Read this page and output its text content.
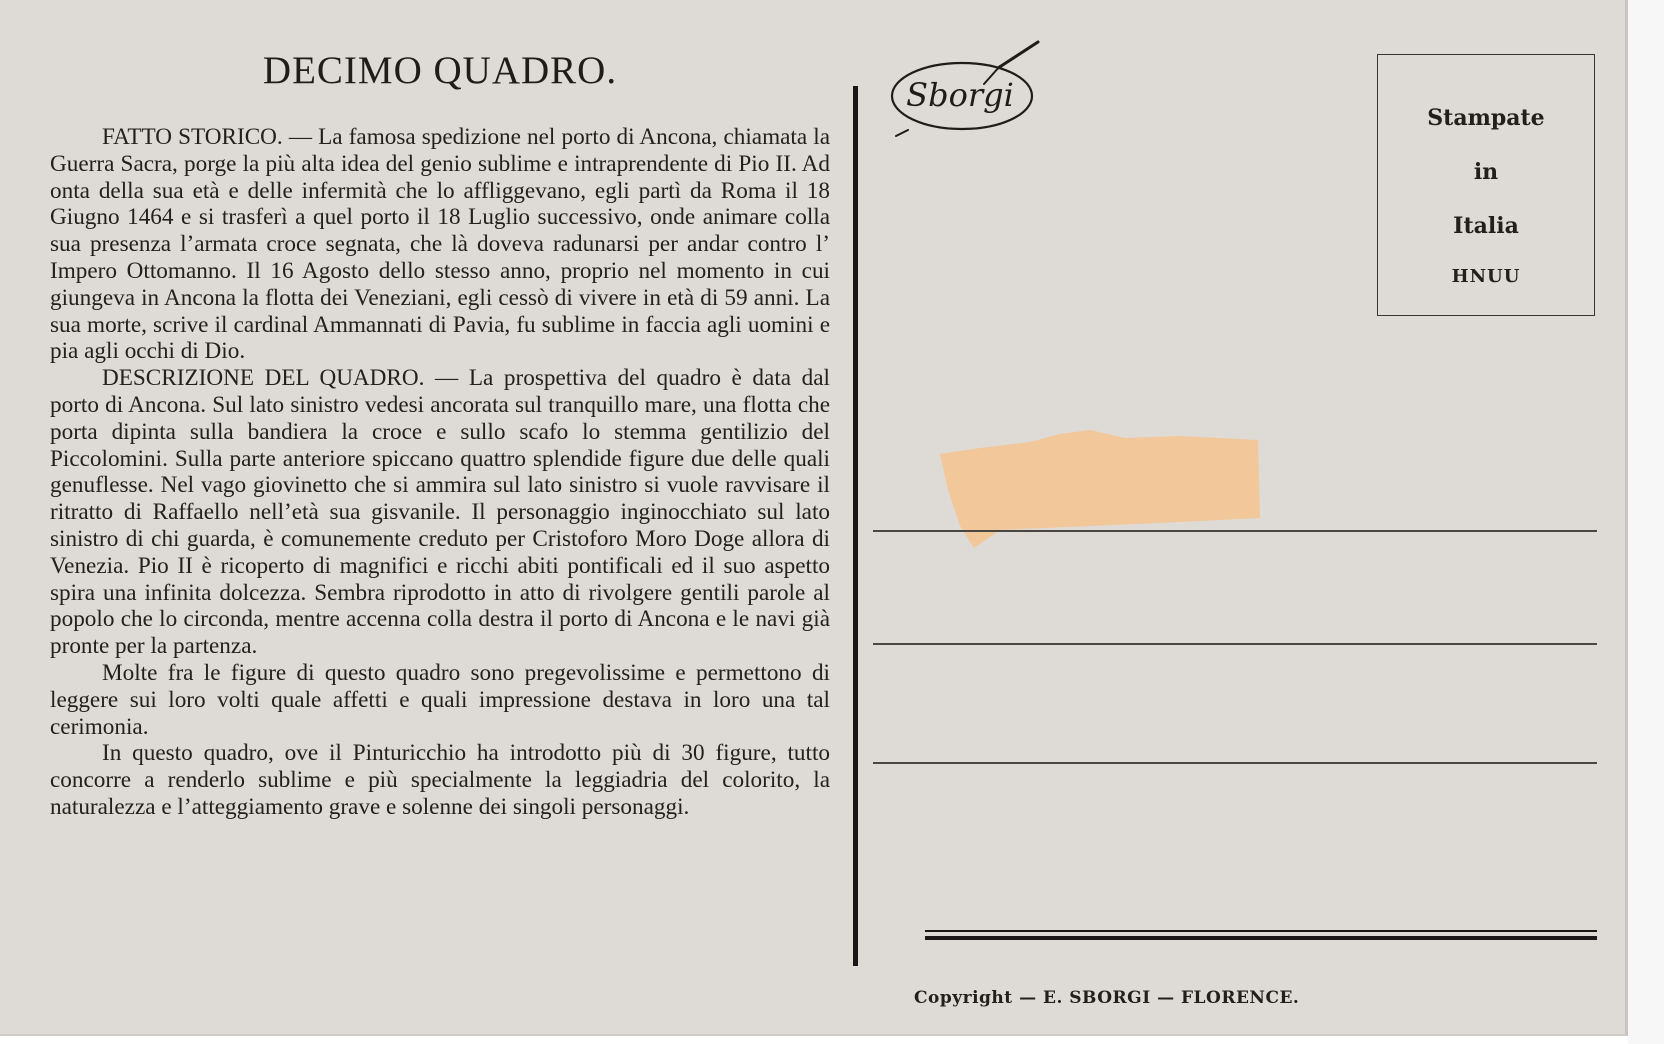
DECIMO QUADRO.

FATTO STORICO. — La famosa spedizione nel porto di Ancona, chiamata la Guerra Sacra, porge la più alta idea del genio sublime e intraprendente di Pio II. Ad onta della sua età e delle infermità che lo affliggevano, egli partì da Roma il 18 Giugno 1464 e si trasferì a quel porto il 18 Luglio successivo, onde animare colla sua presenza l’armata croce segnata, che là doveva radunarsi per andar contro l’ Impero Ottomanno. Il 16 Agosto dello stesso anno, proprio nel momento in cui giungeva in Ancona la flotta dei Veneziani, egli cessò di vivere in età di 59 anni. La sua morte, scrive il cardinal Ammannati di Pavia, fu sublime in faccia agli uomini e pia agli occhi di Dio.

DESCRIZIONE DEL QUADRO. — La prospettiva del quadro è data dal porto di Ancona. Sul lato sinistro vedesi ancorata sul tranquillo mare, una flotta che porta dipinta sulla bandiera la croce e sullo scafo lo stemma gentilizio del Piccolomini. Sulla parte anteriore spiccano quattro splendide figure due delle quali genuflesse. Nel vago giovinetto che si ammira sul lato sinistro si vuole ravvisare il ritratto di Raffaello nell’età sua gisvanile. Il personaggio inginocchiato sul lato sinistro di chi guarda, è comunemente creduto per Cristoforo Moro Doge allora di Venezia. Pio II è ricoperto di magnifici e ricchi abiti pontificali ed il suo aspetto spira una infinita dolcezza. Sembra riprodotto in atto di rivolgere gentili parole al popolo che lo circonda, mentre accenna colla destra il porto di Ancona e le navi già pronte per la partenza.

Molte fra le figure di questo quadro sono pregevolissime e permettono di leggere sui loro volti quale affetti e quali impressione destava in loro una tal cerimonia.

In questo quadro, ove il Pinturicchio ha introdotto più di 30 figure, tutto concorre a renderlo sublime e più specialmente la leggiadria del colorito, la naturalezza e l’atteggiamento grave e solenne dei singoli personaggi.

Sborgi
Stampate
in
Italia
HNUU
Copyright — E. SBORGI — FLORENCE.
